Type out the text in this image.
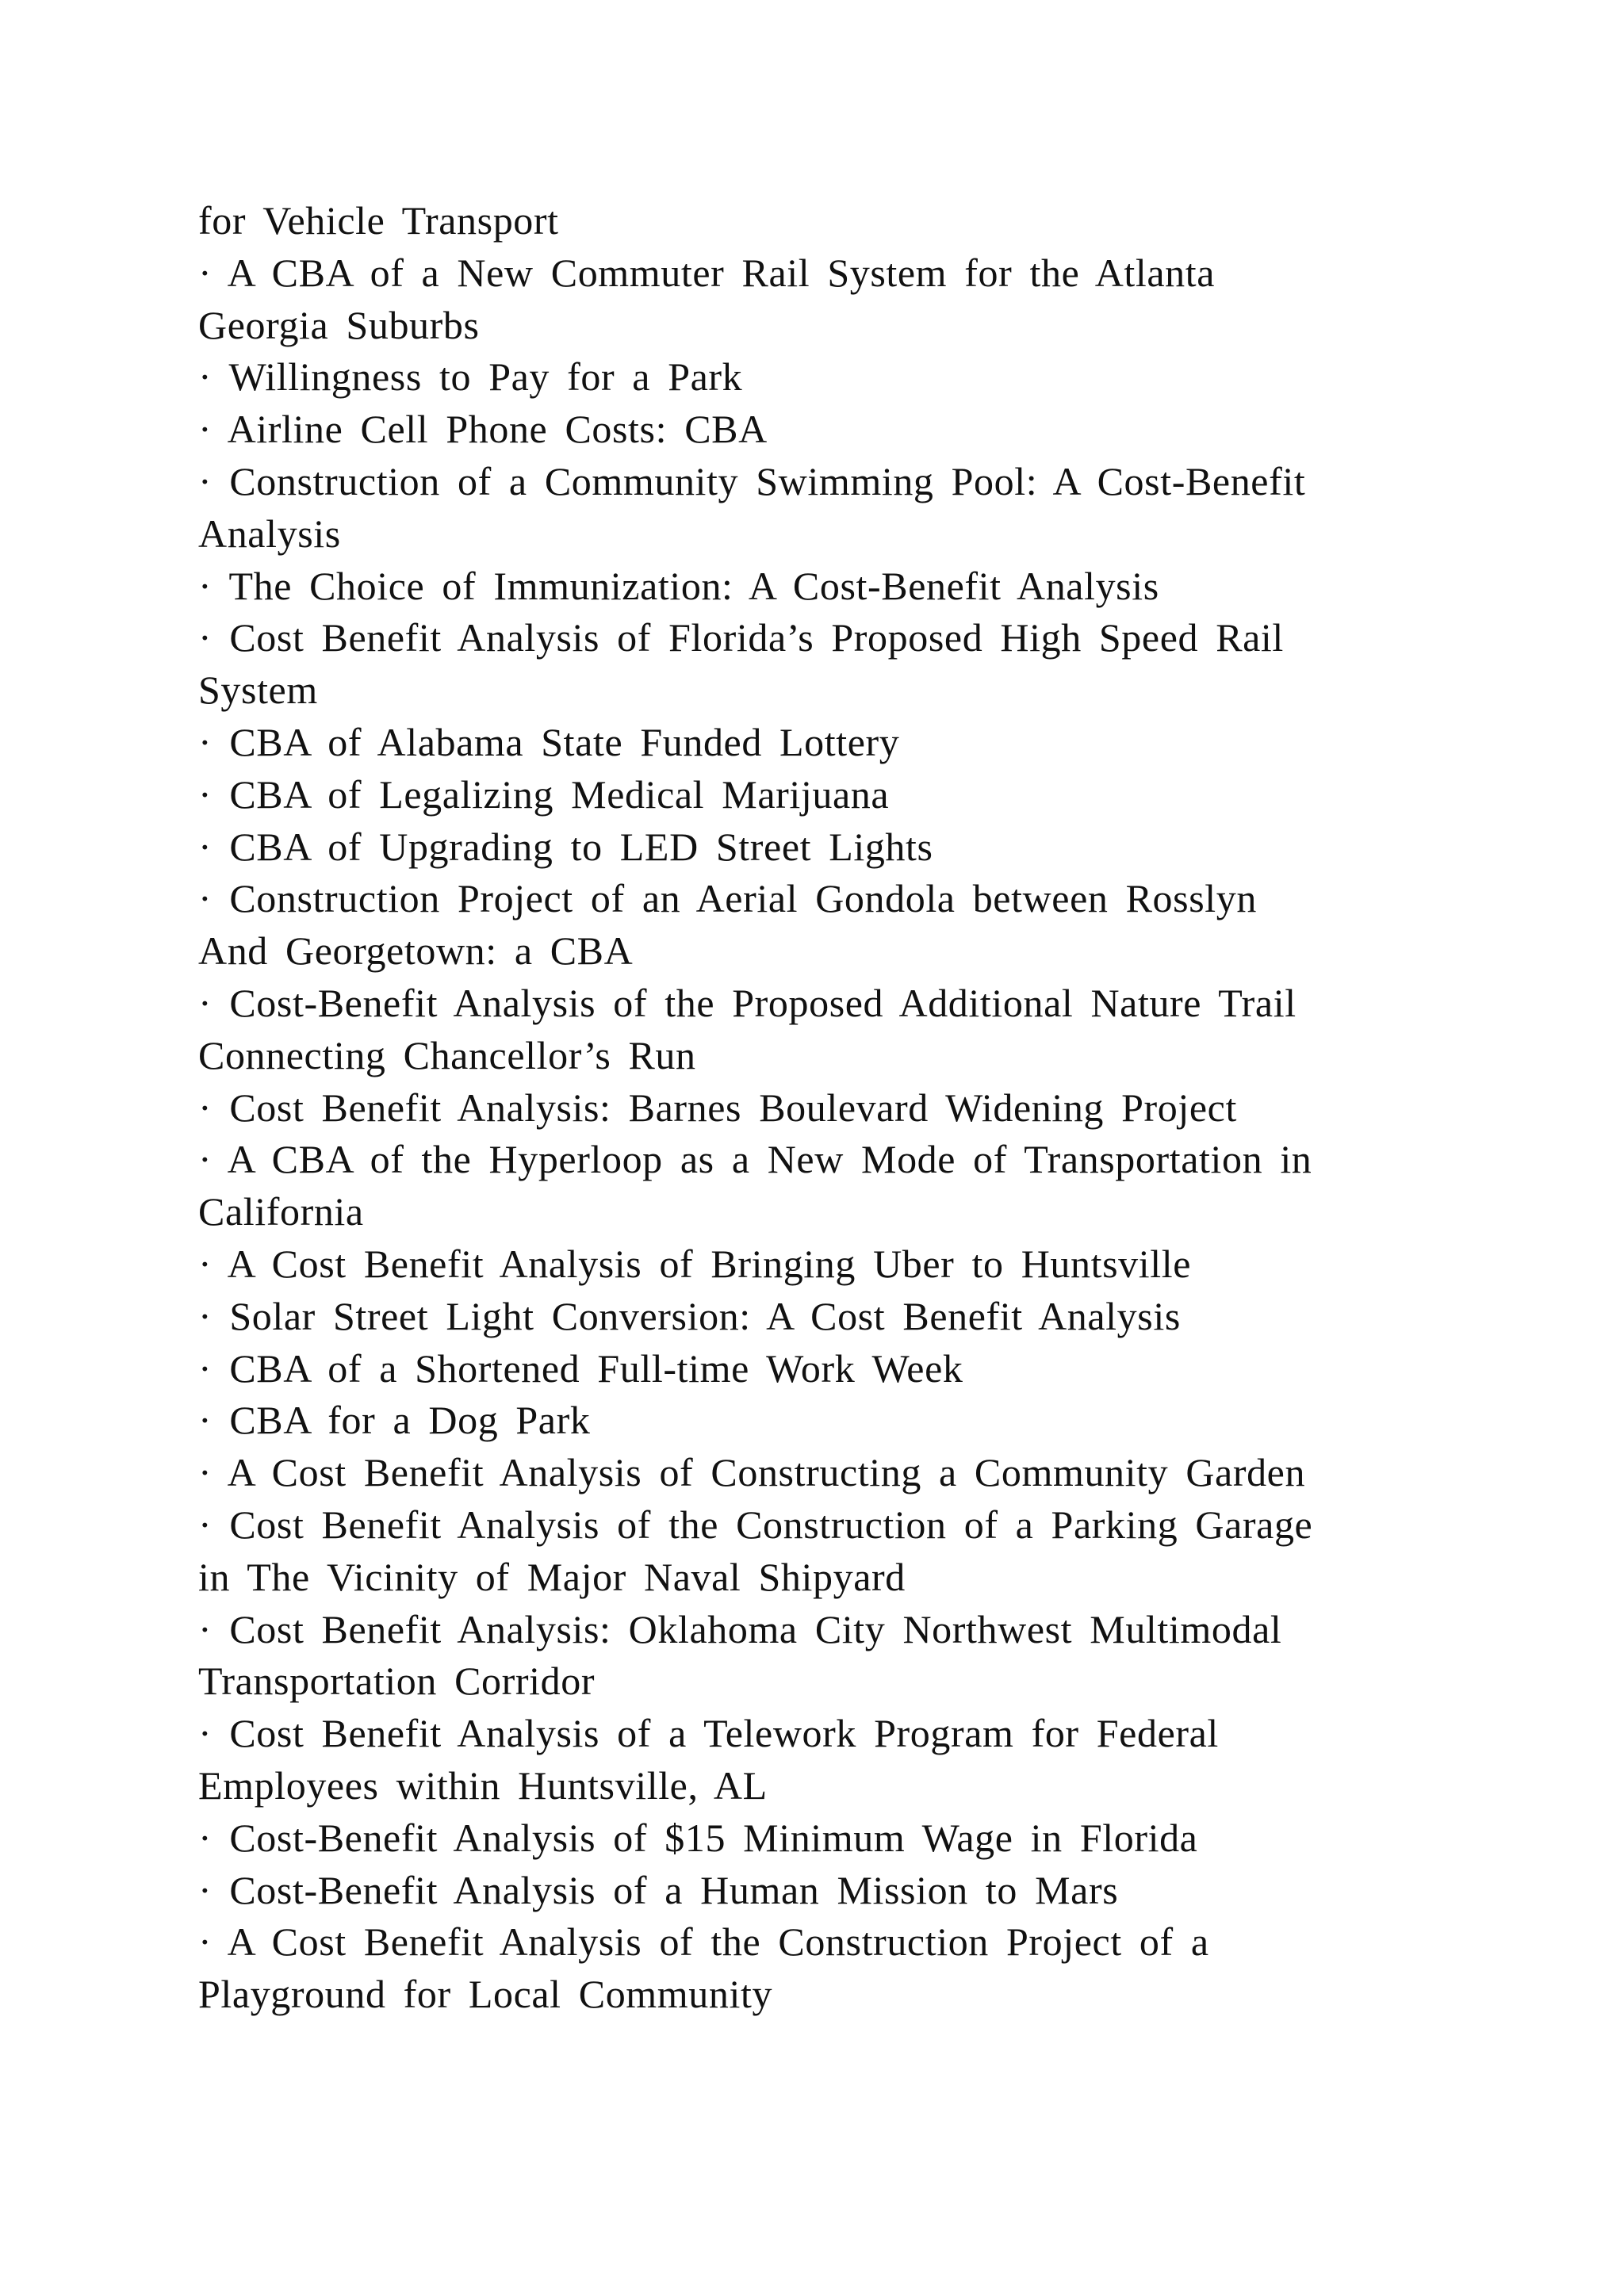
for Vehicle Transport
· A CBA of a New Commuter Rail System for the Atlanta
Georgia Suburbs
· Willingness to Pay for a Park
· Airline Cell Phone Costs: CBA
· Construction of a Community Swimming Pool: A Cost-Benefit
Analysis
· The Choice of Immunization: A Cost-Benefit Analysis
· Cost Benefit Analysis of Florida’s Proposed High Speed Rail
System
· CBA of Alabama State Funded Lottery
· CBA of Legalizing Medical Marijuana
· CBA of Upgrading to LED Street Lights
· Construction Project of an Aerial Gondola between Rosslyn
And Georgetown: a CBA
· Cost-Benefit Analysis of the Proposed Additional Nature Trail
Connecting Chancellor’s Run
· Cost Benefit Analysis: Barnes Boulevard Widening Project
· A CBA of the Hyperloop as a New Mode of Transportation in
California
· A Cost Benefit Analysis of Bringing Uber to Huntsville
· Solar Street Light Conversion: A Cost Benefit Analysis
· CBA of a Shortened Full-time Work Week
· CBA for a Dog Park
· A Cost Benefit Analysis of Constructing a Community Garden
· Cost Benefit Analysis of the Construction of a Parking Garage
in The Vicinity of Major Naval Shipyard
· Cost Benefit Analysis: Oklahoma City Northwest Multimodal
Transportation Corridor
· Cost Benefit Analysis of a Telework Program for Federal
Employees within Huntsville, AL
· Cost-Benefit Analysis of $15 Minimum Wage in Florida
· Cost-Benefit Analysis of a Human Mission to Mars
· A Cost Benefit Analysis of the Construction Project of a
Playground for Local Community
